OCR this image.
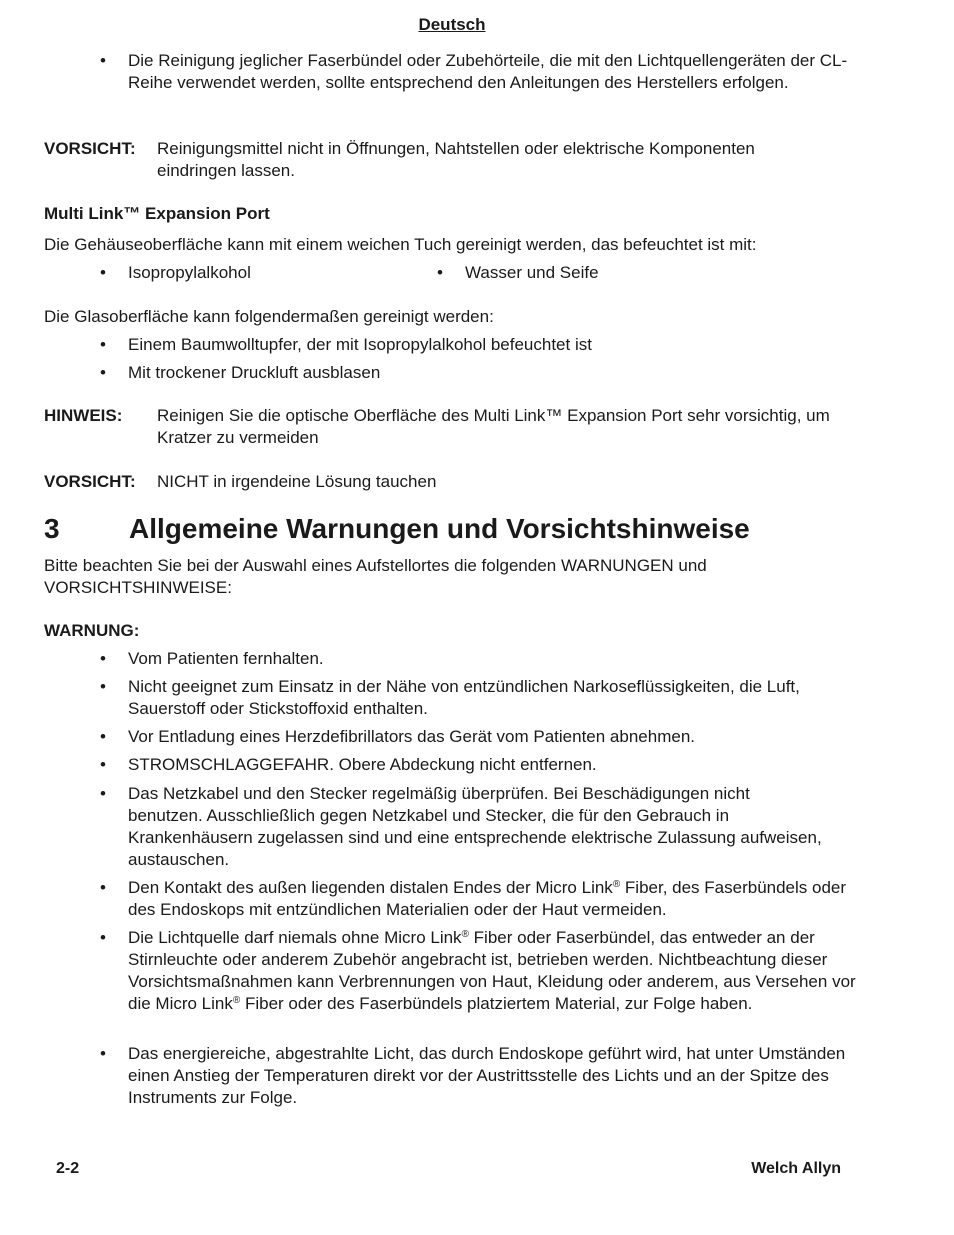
Deutsch
• Die Reinigung jeglicher Faserbündel oder Zubehörteile, die mit den Lichtquellengeräten der CL-Reihe verwendet werden, sollte entsprechend den Anleitungen des Herstellers erfolgen.
VORSICHT: Reinigungsmittel nicht in Öffnungen, Nahtstellen oder elektrische Komponenten eindringen lassen.
Multi Link™ Expansion Port
Die Gehäuseoberfläche kann mit einem weichen Tuch gereinigt werden, das befeuchtet ist mit:
• Isopropylalkohol	• Wasser und Seife
Die Glasoberfläche kann folgendermaßen gereinigt werden:
• Einem Baumwolltupfer, der mit Isopropylalkohol befeuchtet ist
• Mit trockener Druckluft ausblasen
HINWEIS: Reinigen Sie die optische Oberfläche des Multi Link™ Expansion Port sehr vorsichtig, um Kratzer zu vermeiden
VORSICHT: NICHT in irgendeine Lösung tauchen
3 Allgemeine Warnungen und Vorsichtshinweise
Bitte beachten Sie bei der Auswahl eines Aufstellortes die folgenden WARNUNGEN und VORSICHTSHINWEISE:
WARNUNG:
• Vom Patienten fernhalten.
• Nicht geeignet zum Einsatz in der Nähe von entzündlichen Narkoseflüssigkeiten, die Luft, Sauerstoff oder Stickstoffoxid enthalten.
• Vor Entladung eines Herzdefibrillators das Gerät vom Patienten abnehmen.
• STROMSCHLAGGEFAHR. Obere Abdeckung nicht entfernen.
• Das Netzkabel und den Stecker regelmäßig überprüfen. Bei Beschädigungen nicht benutzen. Ausschließlich gegen Netzkabel und Stecker, die für den Gebrauch in Krankenhäusern zugelassen sind und eine entsprechende elektrische Zulassung aufweisen, austauschen.
• Den Kontakt des außen liegenden distalen Endes der Micro Link® Fiber, des Faserbündels oder des Endoskops mit entzündlichen Materialien oder der Haut vermeiden.
• Die Lichtquelle darf niemals ohne Micro Link® Fiber oder Faserbündel, das entweder an der Stirnleuchte oder anderem Zubehör angebracht ist, betrieben werden. Nichtbeachtung dieser Vorsichtsmaßnahmen kann Verbrennungen von Haut, Kleidung oder anderem, aus Versehen vor die Micro Link® Fiber oder des Faserbündels platziertem Material, zur Folge haben.
• Das energiereiche, abgestrahlte Licht, das durch Endoskope geführt wird, hat unter Umständen einen Anstieg der Temperaturen direkt vor der Austrittsstelle des Lichts und an der Spitze des Instruments zur Folge.
2-2	Welch Allyn
